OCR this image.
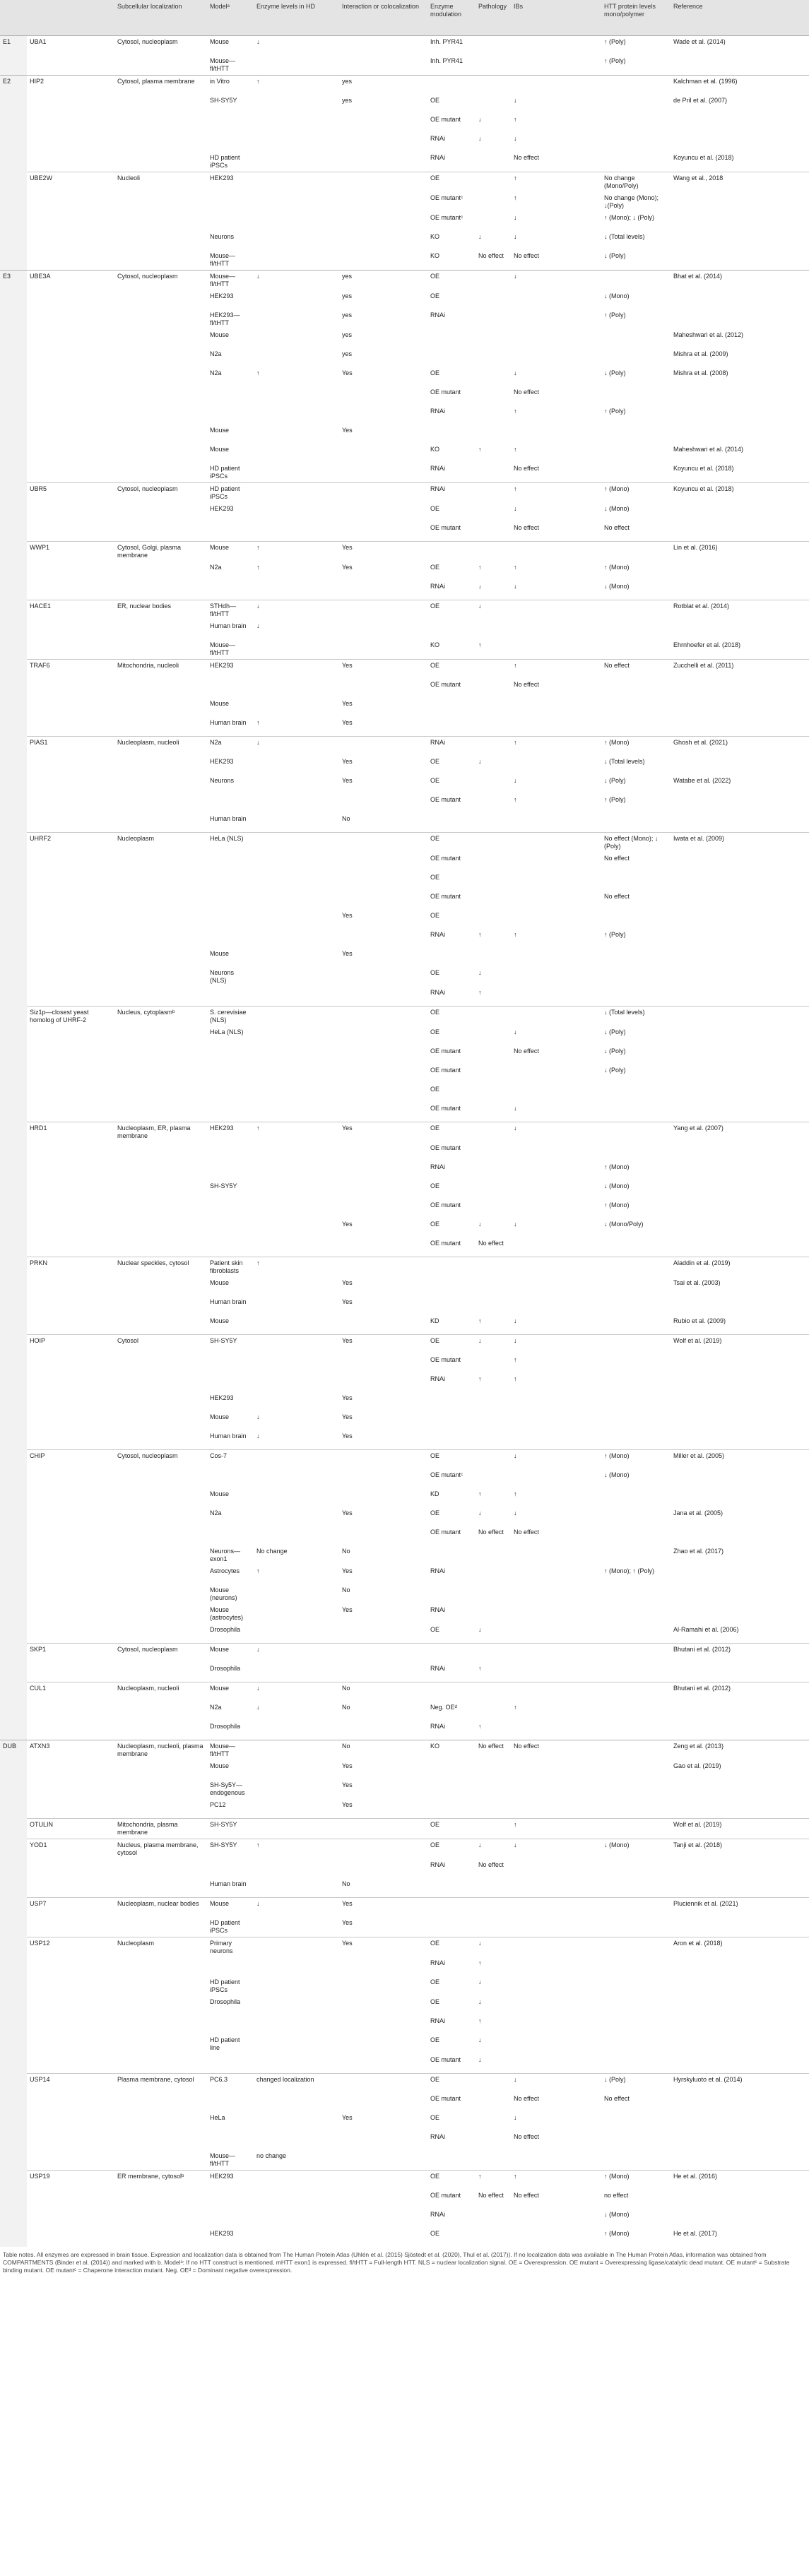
		Subcellular localization	Modelᵃ	Enzyme levels in HD	Interaction or colocalization	Enzyme modulation	Pathology	IBs	HTT protein levels mono/polymer	Reference
E1	UBA1	Cytosol, nucleoplasm	Mouse	↓		Inh. PYR41			↑ (Poly)	Wade et al. (2014)
			Mouse—fl/tHTT			Inh. PYR41			↑ (Poly)	
E2	HIP2	Cytosol, plasma membrane	in Vitro	↑	yes					Kalchman et al. (1996)
			SH-SY5Y		yes	OE		↓		de Pril et al. (2007)
						OE mutant	↓	↑		
						RNAi	↓	↓		
			HD patient iPSCs			RNAi		No effect		Koyuncu et al. (2018)
	UBE2W	Nucleoli	HEK293			OE		↑	No change (Mono/Poly)	Wang et al., 2018
						OE mutantᶜ		↑	No change (Mono); ↓(Poly)	
						OE mutantᶜ		↓	↑ (Mono); ↓ (Poly)	
			Neurons			KO	↓	↓	↓ (Total levels)	
			Mouse—fl/tHTT			KO	No effect	No effect	↓ (Poly)	
E3	UBE3A	Cytosol, nucleoplasm	Mouse—fl/tHTT	↓	yes	OE		↓		Bhat et al. (2014)
			HEK293		yes	OE			↓ (Mono)	
			HEK293—fl/tHTT		yes	RNAi			↑ (Poly)	
			Mouse		yes					Maheshwari et al. (2012)
			N2a		yes					Mishra et al. (2009)
			N2a	↑	Yes	OE		↓	↓ (Poly)	Mishra et al. (2008)
						OE mutant		No effect		
						RNAi		↑	↑ (Poly)	
			Mouse		Yes					
			Mouse			KO	↑	↑		Maheshwari et al. (2014)
			HD patient iPSCs			RNAi		No effect		Koyuncu et al. (2018)
	UBR5	Cytosol, nucleoplasm	HD patient iPSCs			RNAi		↑	↑ (Mono)	Koyuncu et al. (2018)
			HEK293			OE		↓	↓ (Mono)	
						OE mutant		No effect	No effect	
	WWP1	Cytosol, Golgi, plasma membrane	Mouse	↑	Yes					Lin et al. (2016)
			N2a	↑	Yes	OE	↑	↑	↑ (Mono)	
						RNAi	↓	↓	↓ (Mono)	
	HACE1	ER, nuclear bodies	STHdh—fl/tHTT	↓		OE	↓			Rotblat et al. (2014)
			Human brain	↓						
			Mouse—fl/tHTT			KO	↑			Ehrnhoefer et al. (2018)
	TRAF6	Mitochondria, nucleoli	HEK293		Yes	OE		↑	No effect	Zucchelli et al. (2011)
						OE mutant		No effect		
			Mouse		Yes					
			Human brain	↑	Yes					
	PIAS1	Nucleoplasm, nucleoli	N2a	↓		RNAi		↑	↑ (Mono)	Ghosh et al. (2021)
			HEK293		Yes	OE	↓		↓ (Total levels)	
			Neurons		Yes	OE		↓	↓ (Poly)	Watabe et al. (2022)
						OE mutant		↑	↑ (Poly)	
			Human brain		No					
	UHRF2	Nucleoplasm	HeLa (NLS)			OE			No effect (Mono); ↓ (Poly)	Iwata et al. (2009)
						OE mutant			No effect	
						OE				
						OE mutant			No effect	
					Yes	OE				
						RNAi	↑	↑	↑ (Poly)	
			Mouse		Yes					
			Neurons (NLS)			OE	↓			
						RNAi	↑			
	Siz1p—closest yeast homolog of UHRF-2	Nucleus, cytoplasmᵇ	S. cerevisiae (NLS)			OE			↓ (Total levels)	
			HeLa (NLS)			OE		↓	↓ (Poly)	
						OE mutant		No effect	↓ (Poly)	
						OE mutant			↓ (Poly)	
						OE				
						OE mutant		↓		
	HRD1	Nucleoplasm, ER, plasma membrane	HEK293	↑	Yes	OE		↓		Yang et al. (2007)
						OE mutant				
						RNAi			↑ (Mono)	
			SH-SY5Y			OE			↓ (Mono)	
						OE mutant			↑ (Mono)	
					Yes	OE	↓	↓	↓ (Mono/Poly)	
						OE mutant	No effect			
	PRKN	Nuclear speckles, cytosol	Patient skin fibroblasts	↑						Aladdin et al. (2019)
			Mouse		Yes					Tsai et al. (2003)
			Human brain		Yes					
			Mouse			KD	↑	↓		Rubio et al. (2009)
	HOIP	Cytosol	SH-SY5Y		Yes	OE	↓	↓		Wolf et al. (2019)
						OE mutant		↑		
						RNAi	↑	↑		
			HEK293		Yes					
			Mouse	↓	Yes					
			Human brain	↓	Yes					
	CHIP	Cytosol, nucleoplasm	Cos-7			OE		↓	↑ (Mono)	Miller et al. (2005)
						OE mutantᶜ			↓ (Mono)	
			Mouse			KD	↑	↑		
			N2a		Yes	OE	↓	↓		Jana et al. (2005)
						OE mutant	No effect	No effect		
			Neurons—exon1	No change	No					Zhao et al. (2017)
			Astrocytes	↑	Yes	RNAi			↑ (Mono); ↑ (Poly)	
			Mouse (neurons)		No					
			Mouse (astrocytes)		Yes	RNAi				
			Drosophila			OE	↓			Al-Ramahi et al. (2006)
	SKP1	Cytosol, nucleoplasm	Mouse	↓						Bhutani et al. (2012)
			Drosophila			RNAi	↑			
	CUL1	Nucleoplasm, nucleoli	Mouse	↓	No					Bhutani et al. (2012)
			N2a	↓	No	Neg. OEᵈ		↑		
			Drosophila			RNAi	↑			
DUB	ATXN3	Nucleoplasm, nucleoli, plasma membrane	Mouse—fl/tHTT		No	KO	No effect	No effect		Zeng et al. (2013)
			Mouse		Yes					Gao et al. (2019)
			SH-Sy5Y—endogenous		Yes					
			PC12		Yes					
	OTULIN	Mitochondria, plasma membrane	SH-SY5Y			OE		↑		Wolf et al. (2019)
	YOD1	Nucleus, plasma membrane, cytosol	SH-SY5Y	↑		OE	↓	↓	↓ (Mono)	Tanji et al. (2018)
						RNAi	No effect			
			Human brain		No					
	USP7	Nucleoplasm, nuclear bodies	Mouse	↓	Yes					Pluciennik et al. (2021)
			HD patient iPSCs		Yes					
	USP12	Nucleoplasm	Primary neurons		Yes	OE	↓			Aron et al. (2018)
						RNAi	↑			
			HD patient iPSCs			OE	↓			
			Drosophila			OE	↓			
						RNAi	↑			
			HD patient line			OE	↓			
						OE mutant	↓			
	USP14	Plasma membrane, cytosol	PC6.3	changed localization		OE		↓	↓ (Poly)	Hyrskyluoto et al. (2014)
						OE mutant		No effect	No effect	
			HeLa		Yes	OE		↓		
						RNAi		No effect		
			Mouse—fl/tHTT	no change						
	USP19	ER membrane, cytosolᵇ	HEK293			OE	↑	↑	↑ (Mono)	He et al. (2016)
						OE mutant	No effect	No effect	no effect	
						RNAi			↓ (Mono)	
			HEK293			OE			↑ (Mono)	He et al. (2017)
Table notes. All enzymes are expressed in brain tissue. Expression and localization data is obtained from The Human Protein Atlas (Uhlén et al. (2015) Sjöstedt et al. (2020), Thul et al. (2017)). If no localization data was available in The Human Protein Atlas, information was obtained from COMPARTMENTS (Binder et al. (2014)) and marked with b. Modelᵃ: If no HTT construct is mentioned, mHTT exon1 is expressed. fl/tHTT = Full-length HTT. NLS = nuclear localization signal. OE = Overexpression. OE mutant = Overexpressing ligase/catalytic dead mutant. OE mutantᶜ = Substrate binding mutant. OE mutantᶜ = Chaperone interaction mutant. Neg. OEᵈ = Dominant negative overexpression.
